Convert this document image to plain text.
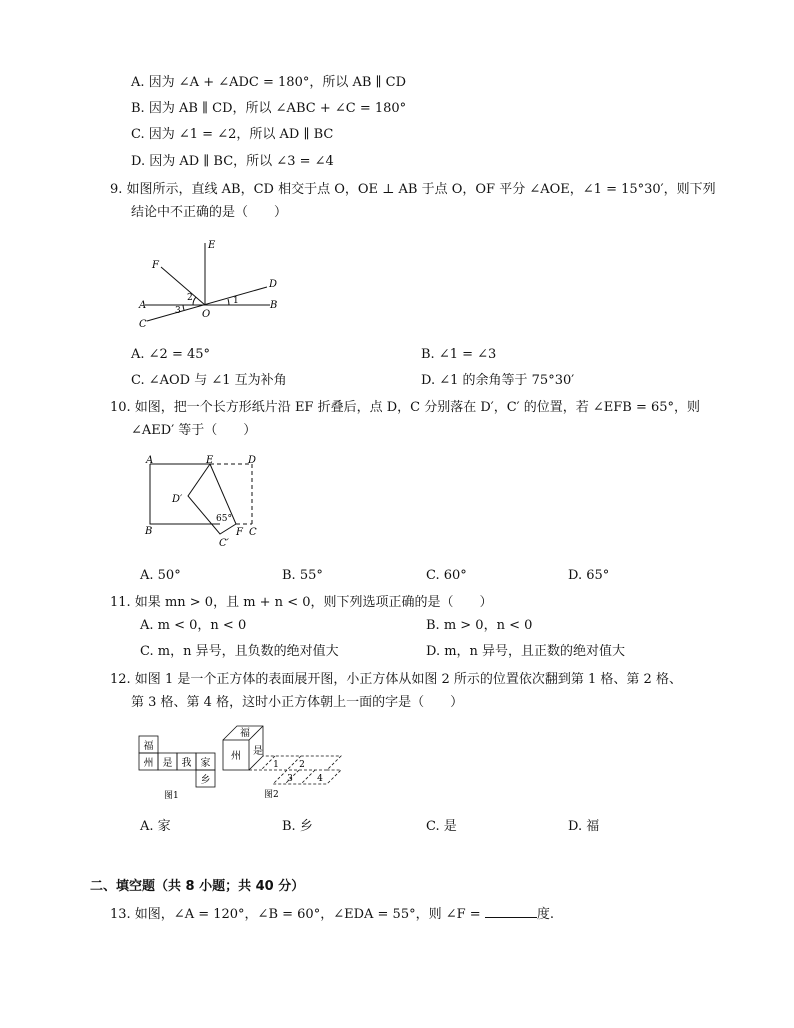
A. 因为 ∠A + ∠ADC = 180°，所以 AB ∥ CD
B. 因为 AB ∥ CD，所以 ∠ABC + ∠C = 180°
C. 因为 ∠1 = ∠2，所以 AD ∥ BC
D. 因为 AD ∥ BC，所以 ∠3 = ∠4
9. 如图所示，直线 AB，CD 相交于点 O，OE ⊥ AB 于点 O，OF 平分 ∠AOE，∠1 = 15°30′，则下列
结论中不正确的是（　　）
E
F
D
A	B
C
O
1
2
3
A. ∠2 = 45°	B. ∠1 = ∠3
C. ∠AOD 与 ∠1 互为补角	D. ∠1 的余角等于 75°30′
10. 如图，把一个长方形纸片沿 EF 折叠后，点 D，C 分别落在 D′，C′ 的位置，若 ∠EFB = 65°，则
∠AED′ 等于（　　）
A	E	D
D′
65°
B
C′
F C
A. 50°	B. 55°	C. 60°	D. 65°
11. 如果 mn > 0，且 m + n < 0，则下列选项正确的是（　　）
A. m < 0，n < 0	B. m > 0，n < 0
C. m，n 异号，且负数的绝对值大	D. m，n 异号，且正数的绝对值大
12. 如图 1 是一个正方体的表面展开图，小正方体从如图 2 所示的位置依次翻到第 1 格、第 2 格、
第 3 格、第 4 格，这时小正方体朝上一面的字是（　　）
福
州 是 我 家
乡
图1
福
州 是
1 2
3	4
图2
A. 家	B. 乡	C. 是	D. 福
二、填空题（共 8 小题；共 40 分）
13. 如图，∠A = 120°，∠B = 60°，∠EDA = 55°，则 ∠F =	度.
